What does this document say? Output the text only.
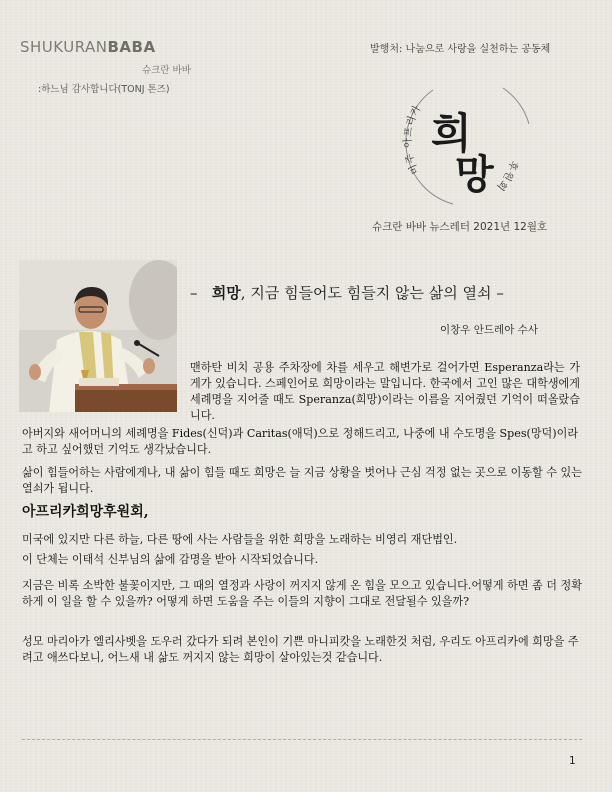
SHUKURANBABA
슈크란 바바
:하느님 감사합니다(TONJ 톤즈)
발행처: 나눔으로 사랑을 실천하는 공동체
미주 아프리카 희
망	후원회
슈크란 바바 뉴스레터 2021년 12월호
– 희망, 지금 힘들어도 힘들지 않는 삶의 열쇠 –
이창우 안드레아 수사
맨하탄 비치 공용 주차장에 차를 세우고 해변가로 걸어가면 Esperanza라는 가게가 있습니다. 스페인어로 희망이라는 말입니다. 한국에서 고인 많은 대학생에게 세례명을 지어줄 때도 Speranza(희망)이라는 이름을 지어줬던 기억이 떠올랐습니다.
아버지와 새어머니의 세례명을 Fides(신덕)과 Caritas(애덕)으로 정해드리고, 나중에 내 수도명을 Spes(망덕)이라고 하고 싶어했던 기억도 생각났습니다.
삶이 힘들어하는 사람에게나, 내 삶이 힘들 때도 희망은 늘 지금 상황을 벗어나 근심 걱정 없는 곳으로 이동할 수 있는 열쇠가 됩니다.
아프리카희망후원회,
미국에 있지만 다른 하늘, 다른 땅에 사는 사람들을 위한 희망을 노래하는 비영리 재단법인.
이 단체는 이태석 신부님의 삶에 감명을 받아 시작되었습니다.
지금은 비록 소박한 불꽃이지만, 그 때의 열정과 사랑이 꺼지지 않게 온 힘을 모으고 있습니다.어떻게 하면 좀 더 정확하게 이 일을 할 수 있을까? 어떻게 하면 도움을 주는 이들의 지향이 그대로 전달될수 있을까?
성모 마리아가 엘리사벳을 도우러 갔다가 되려 본인이 기쁜 마니피캇을 노래한것 처럼, 우리도 아프리카에 희망을 주려고 애쓰다보니, 어느새 내 삶도 꺼지지 않는 희망이 살아있는것 같습니다.
1
